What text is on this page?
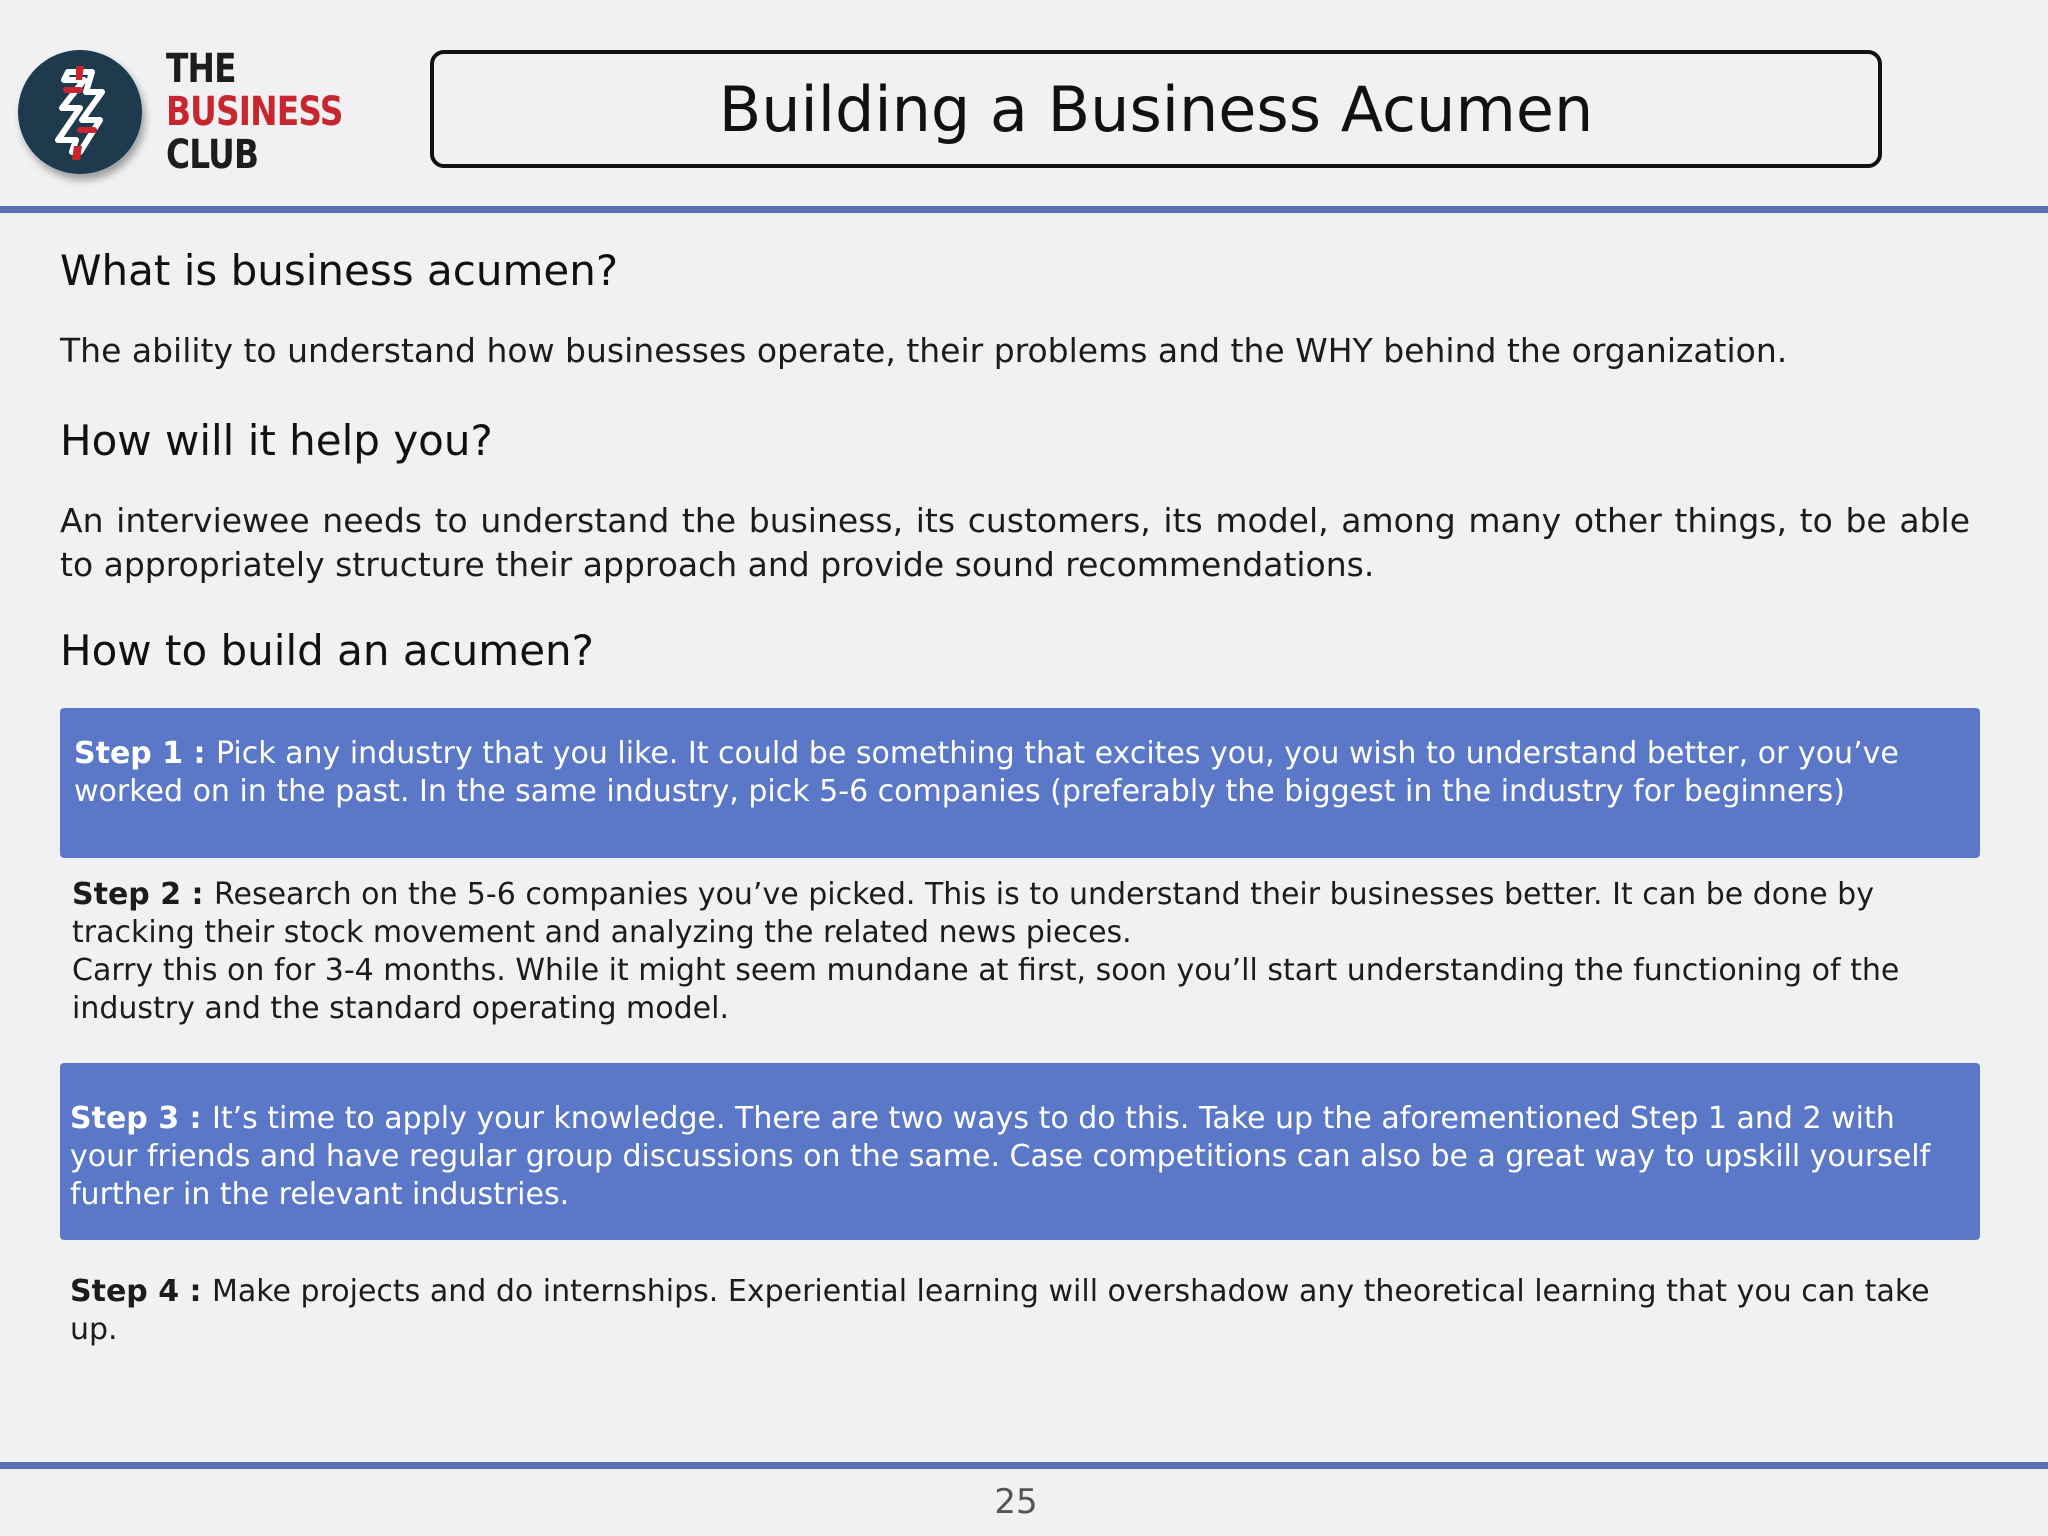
THE
BUSINESS
CLUB
Building a Business Acumen
What is business acumen?
The ability to understand how businesses operate, their problems and the WHY behind the organization.
How will it help you?
An interviewee needs to understand the business, its customers, its model, among many other things, to be able to appropriately structure their approach and provide sound recommendations.
How to build an acumen?
Step 1 : Pick any industry that you like. It could be something that excites you, you wish to understand better, or you’ve worked on in the past. In the same industry, pick 5-6 companies (preferably the biggest in the industry for beginners)
Step 2 : Research on the 5-6 companies you’ve picked. This is to understand their businesses better. It can be done by tracking their stock movement and analyzing the related news pieces.
Carry this on for 3-4 months. While it might seem mundane at first, soon you’ll start understanding the functioning of the industry and the standard operating model.
Step 3 : It’s time to apply your knowledge. There are two ways to do this. Take up the aforementioned Step 1 and 2 with your friends and have regular group discussions on the same. Case competitions can also be a great way to upskill yourself further in the relevant industries.
Step 4 : Make projects and do internships. Experiential learning will overshadow any theoretical learning that you can take up.
25
